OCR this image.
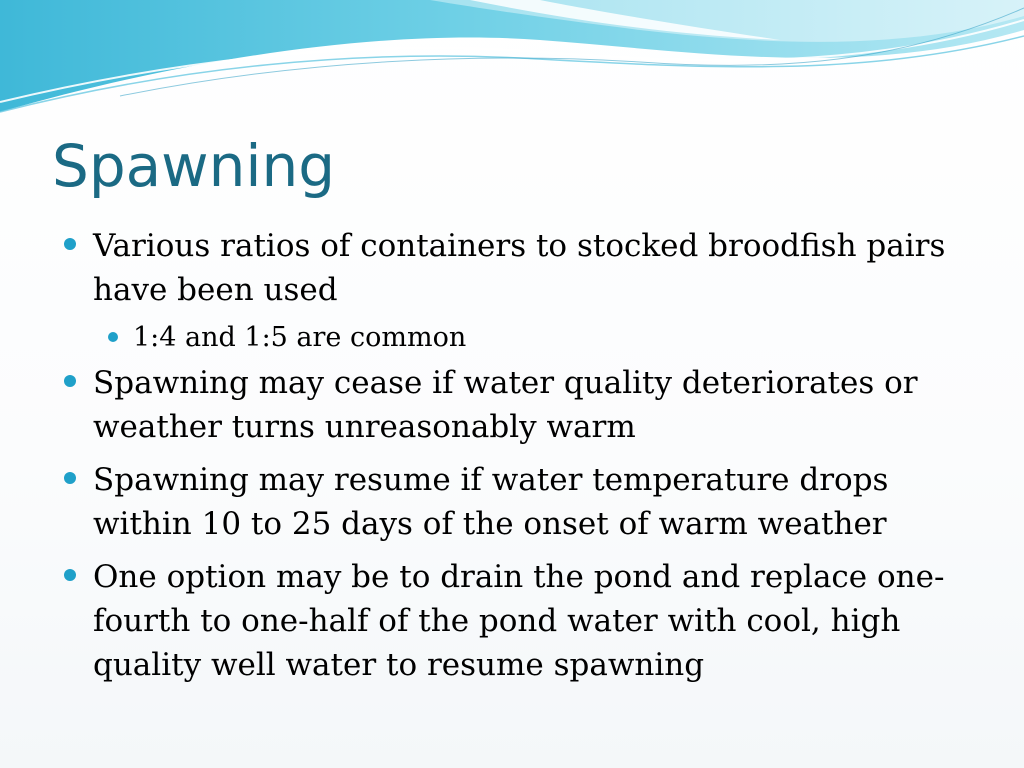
Spawning
Various ratios of containers to stocked broodfish pairs have been used
1:4 and 1:5 are common
Spawning may cease if water quality deteriorates or weather turns unreasonably warm
Spawning may resume if water temperature drops within 10 to 25 days of the onset of warm weather
One option may be to drain the pond and replace one-fourth to one-half of the pond water with cool, high quality well water to resume spawning
